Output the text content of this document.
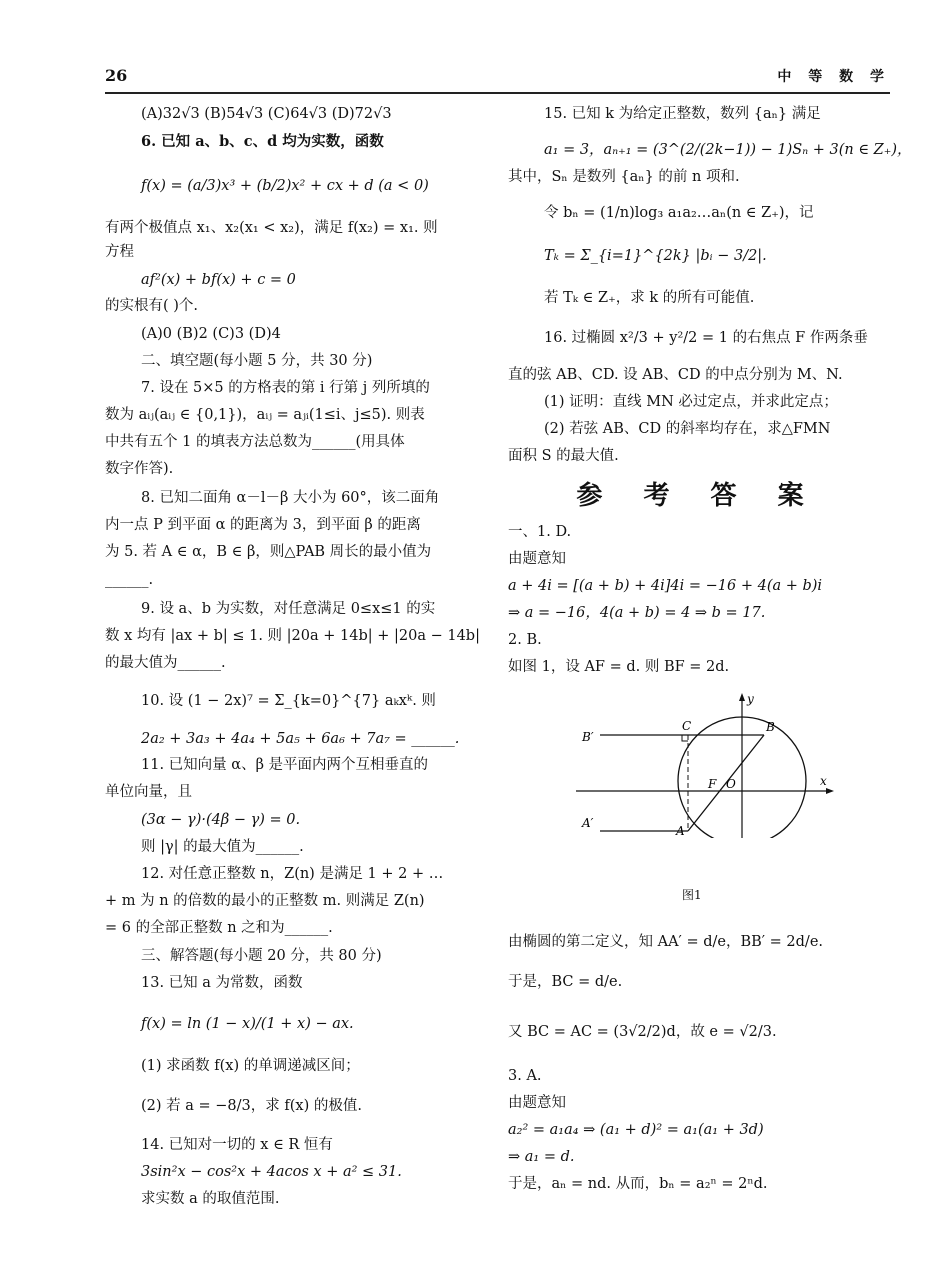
26	中 等 数 学
(A)32√3 (B)54√3 (C)64√3 (D)72√3
6. 已知 a、b、c、d 均为实数，函数
f(x) = (a/3)x³ + (b/2)x² + cx + d (a < 0)
有两个极值点 x₁、x₂(x₁ < x₂)，满足 f(x₂) = x₁. 则
方程
af²(x) + bf(x) + c = 0
的实根有( )个.
(A)0 (B)2 (C)3 (D)4
二、填空题(每小题 5 分，共 30 分)
7. 设在 5×5 的方格表的第 i 行第 j 列所填的
数为 aᵢⱼ(aᵢⱼ ∈ {0,1})，aᵢⱼ = aⱼᵢ(1≤i、j≤5). 则表
中共有五个 1 的填表方法总数为______(用具体
数字作答).
8. 已知二面角 α－l－β 大小为 60°，该二面角
内一点 P 到平面 α 的距离为 3，到平面 β 的距离
为 5. 若 A ∈ α，B ∈ β，则△PAB 周长的最小值为
______.
9. 设 a、b 为实数，对任意满足 0≤x≤1 的实
数 x 均有 |ax + b| ≤ 1. 则 |20a + 14b| + |20a − 14b|
的最大值为______.
10. 设 (1 − 2x)⁷ = Σ_{k=0}^{7} aₖxᵏ. 则
2a₂ + 3a₃ + 4a₄ + 5a₅ + 6a₆ + 7a₇ = ______.
11. 已知向量 α、β 是平面内两个互相垂直的
单位向量，且
(3α − γ)·(4β − γ) = 0.
则 |γ| 的最大值为______.
12. 对任意正整数 n，Z(n) 是满足 1 + 2 + …
+ m 为 n 的倍数的最小的正整数 m. 则满足 Z(n)
= 6 的全部正整数 n 之和为______.
三、解答题(每小题 20 分，共 80 分)
13. 已知 a 为常数，函数
f(x) = ln (1 − x)/(1 + x) − ax.
(1) 求函数 f(x) 的单调递减区间；
(2) 若 a = −8/3，求 f(x) 的极值.
14. 已知对一切的 x ∈ R 恒有
3sin²x − cos²x + 4acos x + a² ≤ 31.
求实数 a 的取值范围.
15. 已知 k 为给定正整数，数列 {aₙ} 满足
a₁ = 3，aₙ₊₁ = (3^(2/(2k−1)) − 1)Sₙ + 3(n ∈ Z₊)，
其中，Sₙ 是数列 {aₙ} 的前 n 项和.
令 bₙ = (1/n)log₃ a₁a₂…aₙ(n ∈ Z₊)，记
Tₖ = Σ_{i=1}^{2k} |bᵢ − 3/2|.
若 Tₖ ∈ Z₊，求 k 的所有可能值.
16. 过椭圆 x²/3 + y²/2 = 1 的右焦点 F 作两条垂
直的弦 AB、CD. 设 AB、CD 的中点分别为 M、N.
(1) 证明：直线 MN 必过定点，并求此定点；
(2) 若弦 AB、CD 的斜率均存在，求△FMN
面积 S 的最大值.
参 考 答 案
一、1. D.
由题意知
a + 4i = [(a + b) + 4i]4i = −16 + 4(a + b)i
⇒ a = −16，4(a + b) = 4 ⇒ b = 17.
2. B.
如图 1，设 AF = d. 则 BF = 2d.
B′
A′
C	B
A
F O	x
y
图1
由椭圆的第二定义，知 AA′ = d/e，BB′ = 2d/e.
于是，BC = d/e.
又 BC = AC = (3√2/2)d，故 e = √2/3.
3. A.
由题意知
a₂² = a₁a₄ ⇒ (a₁ + d)² = a₁(a₁ + 3d)
⇒ a₁ = d.
于是，aₙ = nd. 从而，bₙ = a₂ⁿ = 2ⁿd.
